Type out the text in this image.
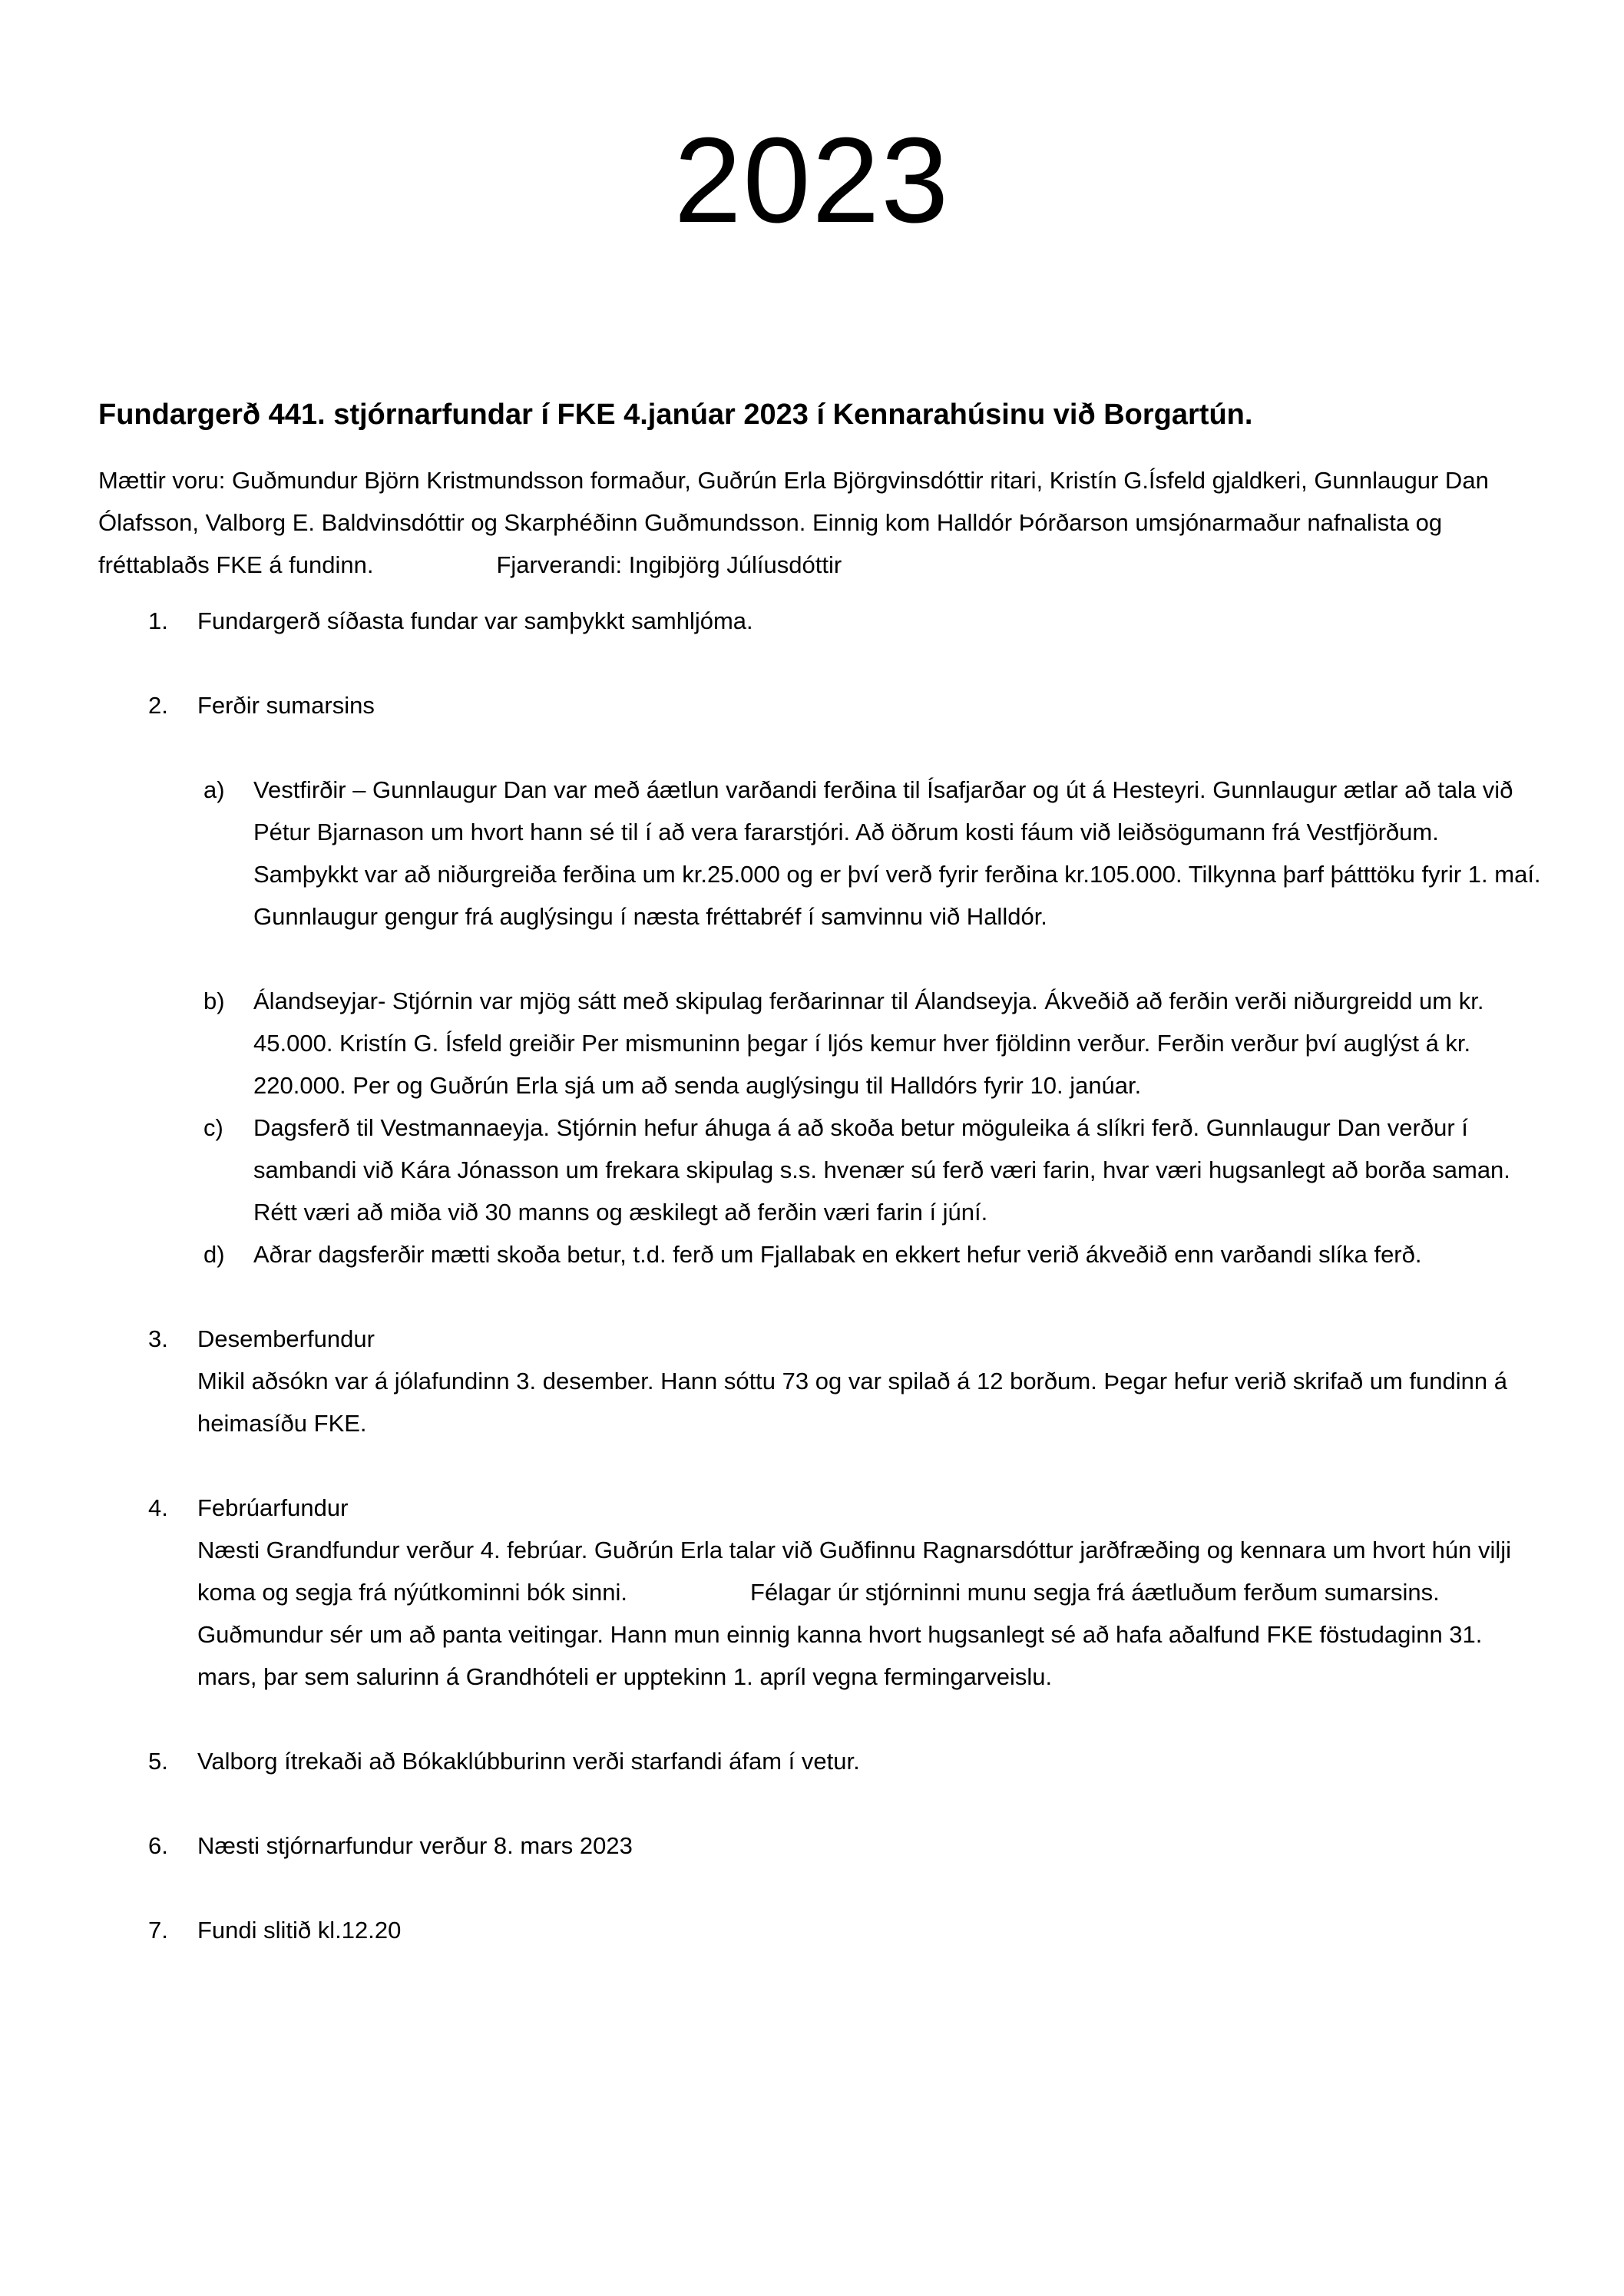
2023
Fundargerð 441. stjórnarfundar í FKE 4.janúar 2023 í Kennarahúsinu við Borgartún.

Mættir voru: Guðmundur Björn Kristmundsson formaður, Guðrún Erla Björgvinsdóttir ritari, Kristín G.Ísfeld gjaldkeri, Gunnlaugur Dan Ólafsson, Valborg E. Baldvinsdóttir og Skarphéðinn Guðmundsson. Einnig kom Halldór Þórðarson umsjónarmaður nafnalista og fréttablaðs FKE á fundinn.	Fjarverandi: Ingibjörg Júlíusdóttir

1. Fundargerð síðasta fundar var samþykkt samhljóma.
2. Ferðir sumarsins
a) Vestfirðir – Gunnlaugur Dan var með áætlun varðandi ferðina til Ísafjarðar og út á Hesteyri. Gunnlaugur ætlar að tala við Pétur Bjarnason um hvort hann sé til í að vera fararstjóri. Að öðrum kosti fáum við leiðsögumann frá Vestfjörðum. Samþykkt var að niðurgreiða ferðina um kr.25.000 og er því verð fyrir ferðina kr.105.000. Tilkynna þarf þátttöku fyrir 1. maí. Gunnlaugur gengur frá auglýsingu í næsta fréttabréf í samvinnu við Halldór.
b) Álandseyjar- Stjórnin var mjög sátt með skipulag ferðarinnar til Álandseyja. Ákveðið að ferðin verði niðurgreidd um kr. 45.000. Kristín G. Ísfeld greiðir Per mismuninn þegar í ljós kemur hver fjöldinn verður. Ferðin verður því auglýst á kr. 220.000. Per og Guðrún Erla sjá um að senda auglýsingu til Halldórs fyrir 10. janúar.
c) Dagsferð til Vestmannaeyja. Stjórnin hefur áhuga á að skoða betur möguleika á slíkri ferð. Gunnlaugur Dan verður í sambandi við Kára Jónasson um frekara skipulag s.s. hvenær sú ferð væri farin, hvar væri hugsanlegt að borða saman. Rétt væri að miða við 30 manns og æskilegt að ferðin væri farin í júní.
d) Aðrar dagsferðir mætti skoða betur, t.d. ferð um Fjallabak en ekkert hefur verið ákveðið enn varðandi slíka ferð.
3. Desemberfundur
Mikil aðsókn var á jólafundinn 3. desember. Hann sóttu 73 og var spilað á 12 borðum. Þegar hefur verið skrifað um fundinn á heimasíðu FKE.
4. Febrúarfundur
Næsti Grandfundur verður 4. febrúar. Guðrún Erla talar við Guðfinnu Ragnarsdóttur jarðfræðing og kennara um hvort hún vilji koma og segja frá nýútkominni bók sinni.	Félagar úr stjórninni munu segja frá áætluðum ferðum sumarsins. Guðmundur sér um að panta veitingar. Hann mun einnig kanna hvort hugsanlegt sé að hafa aðalfund FKE föstudaginn 31. mars, þar sem salurinn á Grandhóteli er upptekinn 1. apríl vegna fermingarveislu.
5. Valborg ítrekaði að Bókaklúbburinn verði starfandi áfam í vetur.
6. Næsti stjórnarfundur verður 8. mars 2023
7. Fundi slitið kl.12.20
